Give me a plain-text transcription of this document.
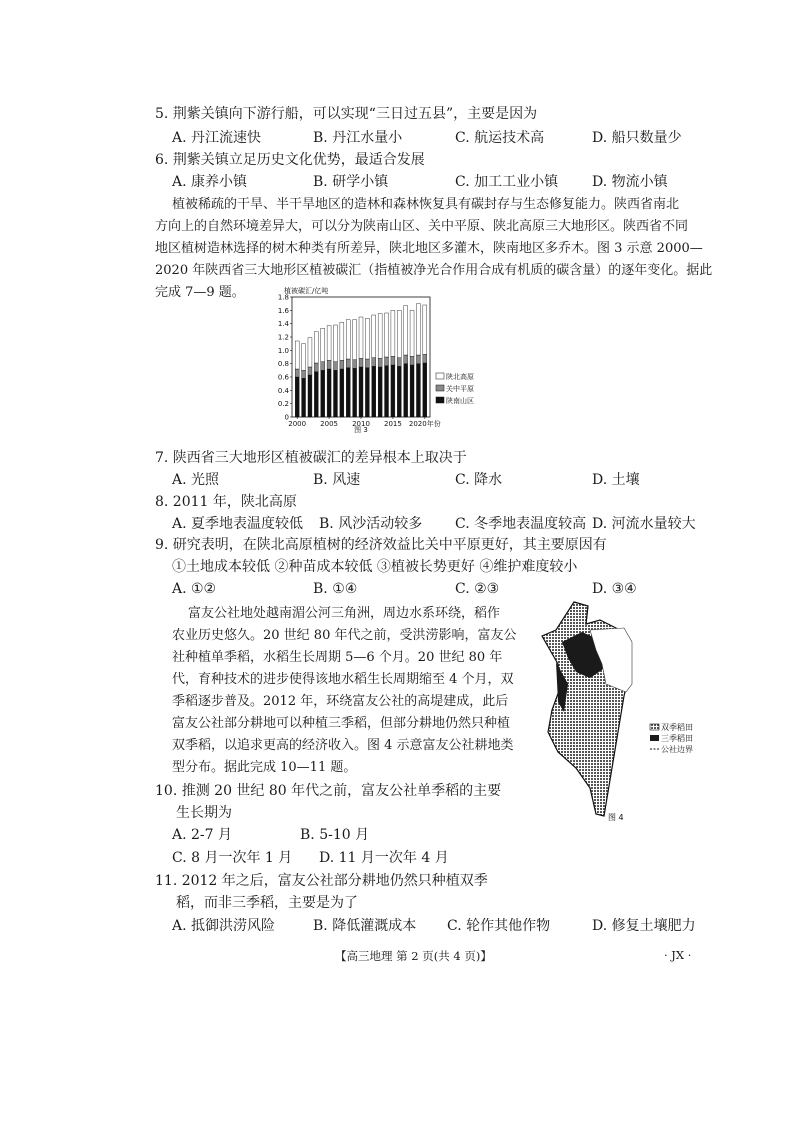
5. 荆紫关镇向下游行船，可以实现“三日过五县”，主要是因为
A. 丹江流速快	B. 丹江水量小	C. 航运技术高	D. 船只数量少
6. 荆紫关镇立足历史文化优势，最适合发展
A. 康养小镇	B. 研学小镇	C. 加工工业小镇 D. 物流小镇
植被稀疏的干旱、半干旱地区的造林和森林恢复具有碳封存与生态修复能力。陕西省南北
方向上的自然环境差异大，可以分为陕南山区、关中平原、陕北高原三大地形区。陕西省不同
地区植树造林选择的树木种类有所差异，陕北地区多灌木，陕南地区多乔木。图 3 示意 2000—
2020 年陕西省三大地形区植被碳汇（指植被净光合作用合成有机质的碳含量）的逐年变化。据此
完成 7—9 题。
0
0.2
0.4
0.6
0.8
1.0
1.2
1.4
1.6
1.8
植被碳汇/亿吨
2000 2005 2010 2015 2020年份
陕北高原
关中平原
陕南山区
图 3
7. 陕西省三大地形区植被碳汇的差异根本上取决于
A. 光照	B. 风速	C. 降水	D. 土壤
8. 2011 年，陕北高原
A. 夏季地表温度较低 B. 风沙活动较多 C. 冬季地表温度较高 D. 河流水量较大
9. 研究表明，在陕北高原植树的经济效益比关中平原更好，其主要原因有
①土地成本较低 ②种苗成本较低 ③植被长势更好 ④维护难度较小
A. ①②	B. ①④	C. ②③	D. ③④
富友公社地处越南湄公河三角洲，周边水系环绕，稻作
农业历史悠久。20 世纪 80 年代之前，受洪涝影响，富友公
社种植单季稻，水稻生长周期 5—6 个月。20 世纪 80 年
代，育种技术的进步使得该地水稻生长周期缩至 4 个月，双
季稻逐步普及。2012 年，环绕富友公社的高堤建成，此后
富友公社部分耕地可以种植三季稻，但部分耕地仍然只种植
双季稻，以追求更高的经济收入。图 4 示意富友公社耕地类
型分布。据此完成 10—11 题。
双季稻田
三季稻田
公社边界
图 4
10. 推测 20 世纪 80 年代之前，富友公社单季稻的主要
生长期为
A. 2-7 月	B. 5-10 月
C. 8 月一次年 1 月 D. 11 月一次年 4 月
11. 2012 年之后，富友公社部分耕地仍然只种植双季
稻，而非三季稻，主要是为了
A. 抵御洪涝风险	B. 降低灌溉成本 C. 轮作其他作物	D. 修复土壤肥力
【高三地理 第 2 页(共 4 页)】	· JX ·
